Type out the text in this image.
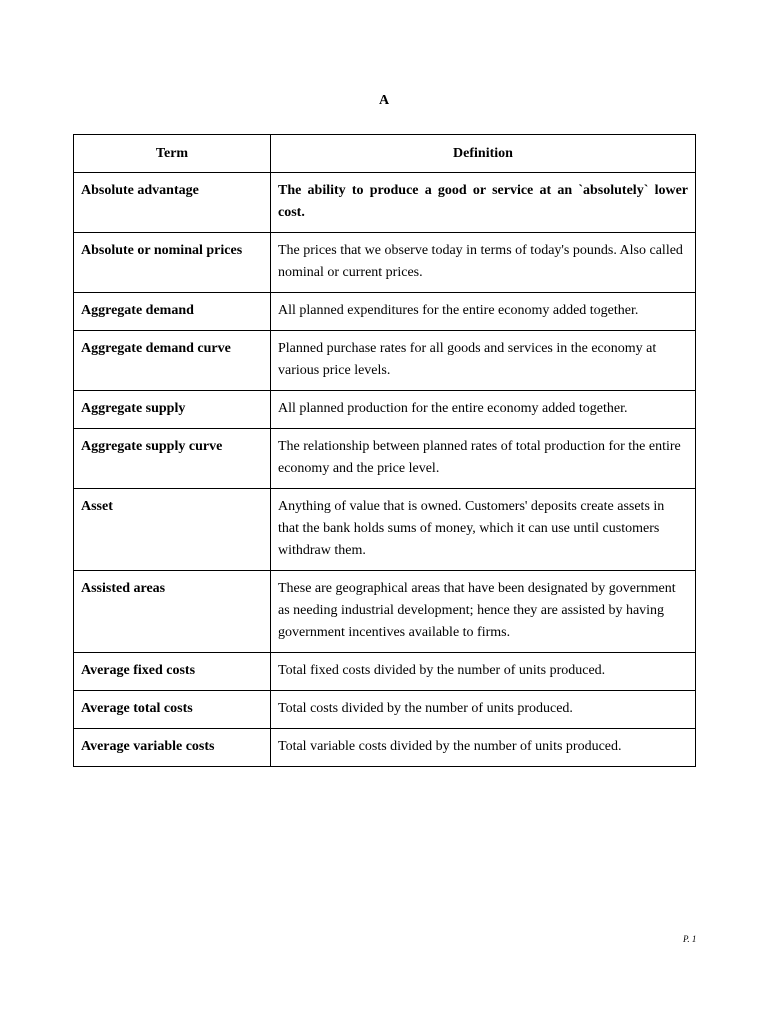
A
Term	Definition
Absolute advantage	The ability to produce a good or service at an `absolutely` lower cost.
Absolute or nominal prices	The prices that we observe today in terms of today's pounds. Also called nominal or current prices.
Aggregate demand	All planned expenditures for the entire economy added together.
Aggregate demand curve	Planned purchase rates for all goods and services in the economy at various price levels.
Aggregate supply	All planned production for the entire economy added together.
Aggregate supply curve	The relationship between planned rates of total production for the entire economy and the price level.
Asset	Anything of value that is owned. Customers' deposits create assets in that the bank holds sums of money, which it can use until customers withdraw them.
Assisted areas	These are geographical areas that have been designated by government as needing industrial development; hence they are assisted by having government incentives available to firms.
Average fixed costs	Total fixed costs divided by the number of units produced.
Average total costs	Total costs divided by the number of units produced.
Average variable costs	Total variable costs divided by the number of units produced.
P. 1
